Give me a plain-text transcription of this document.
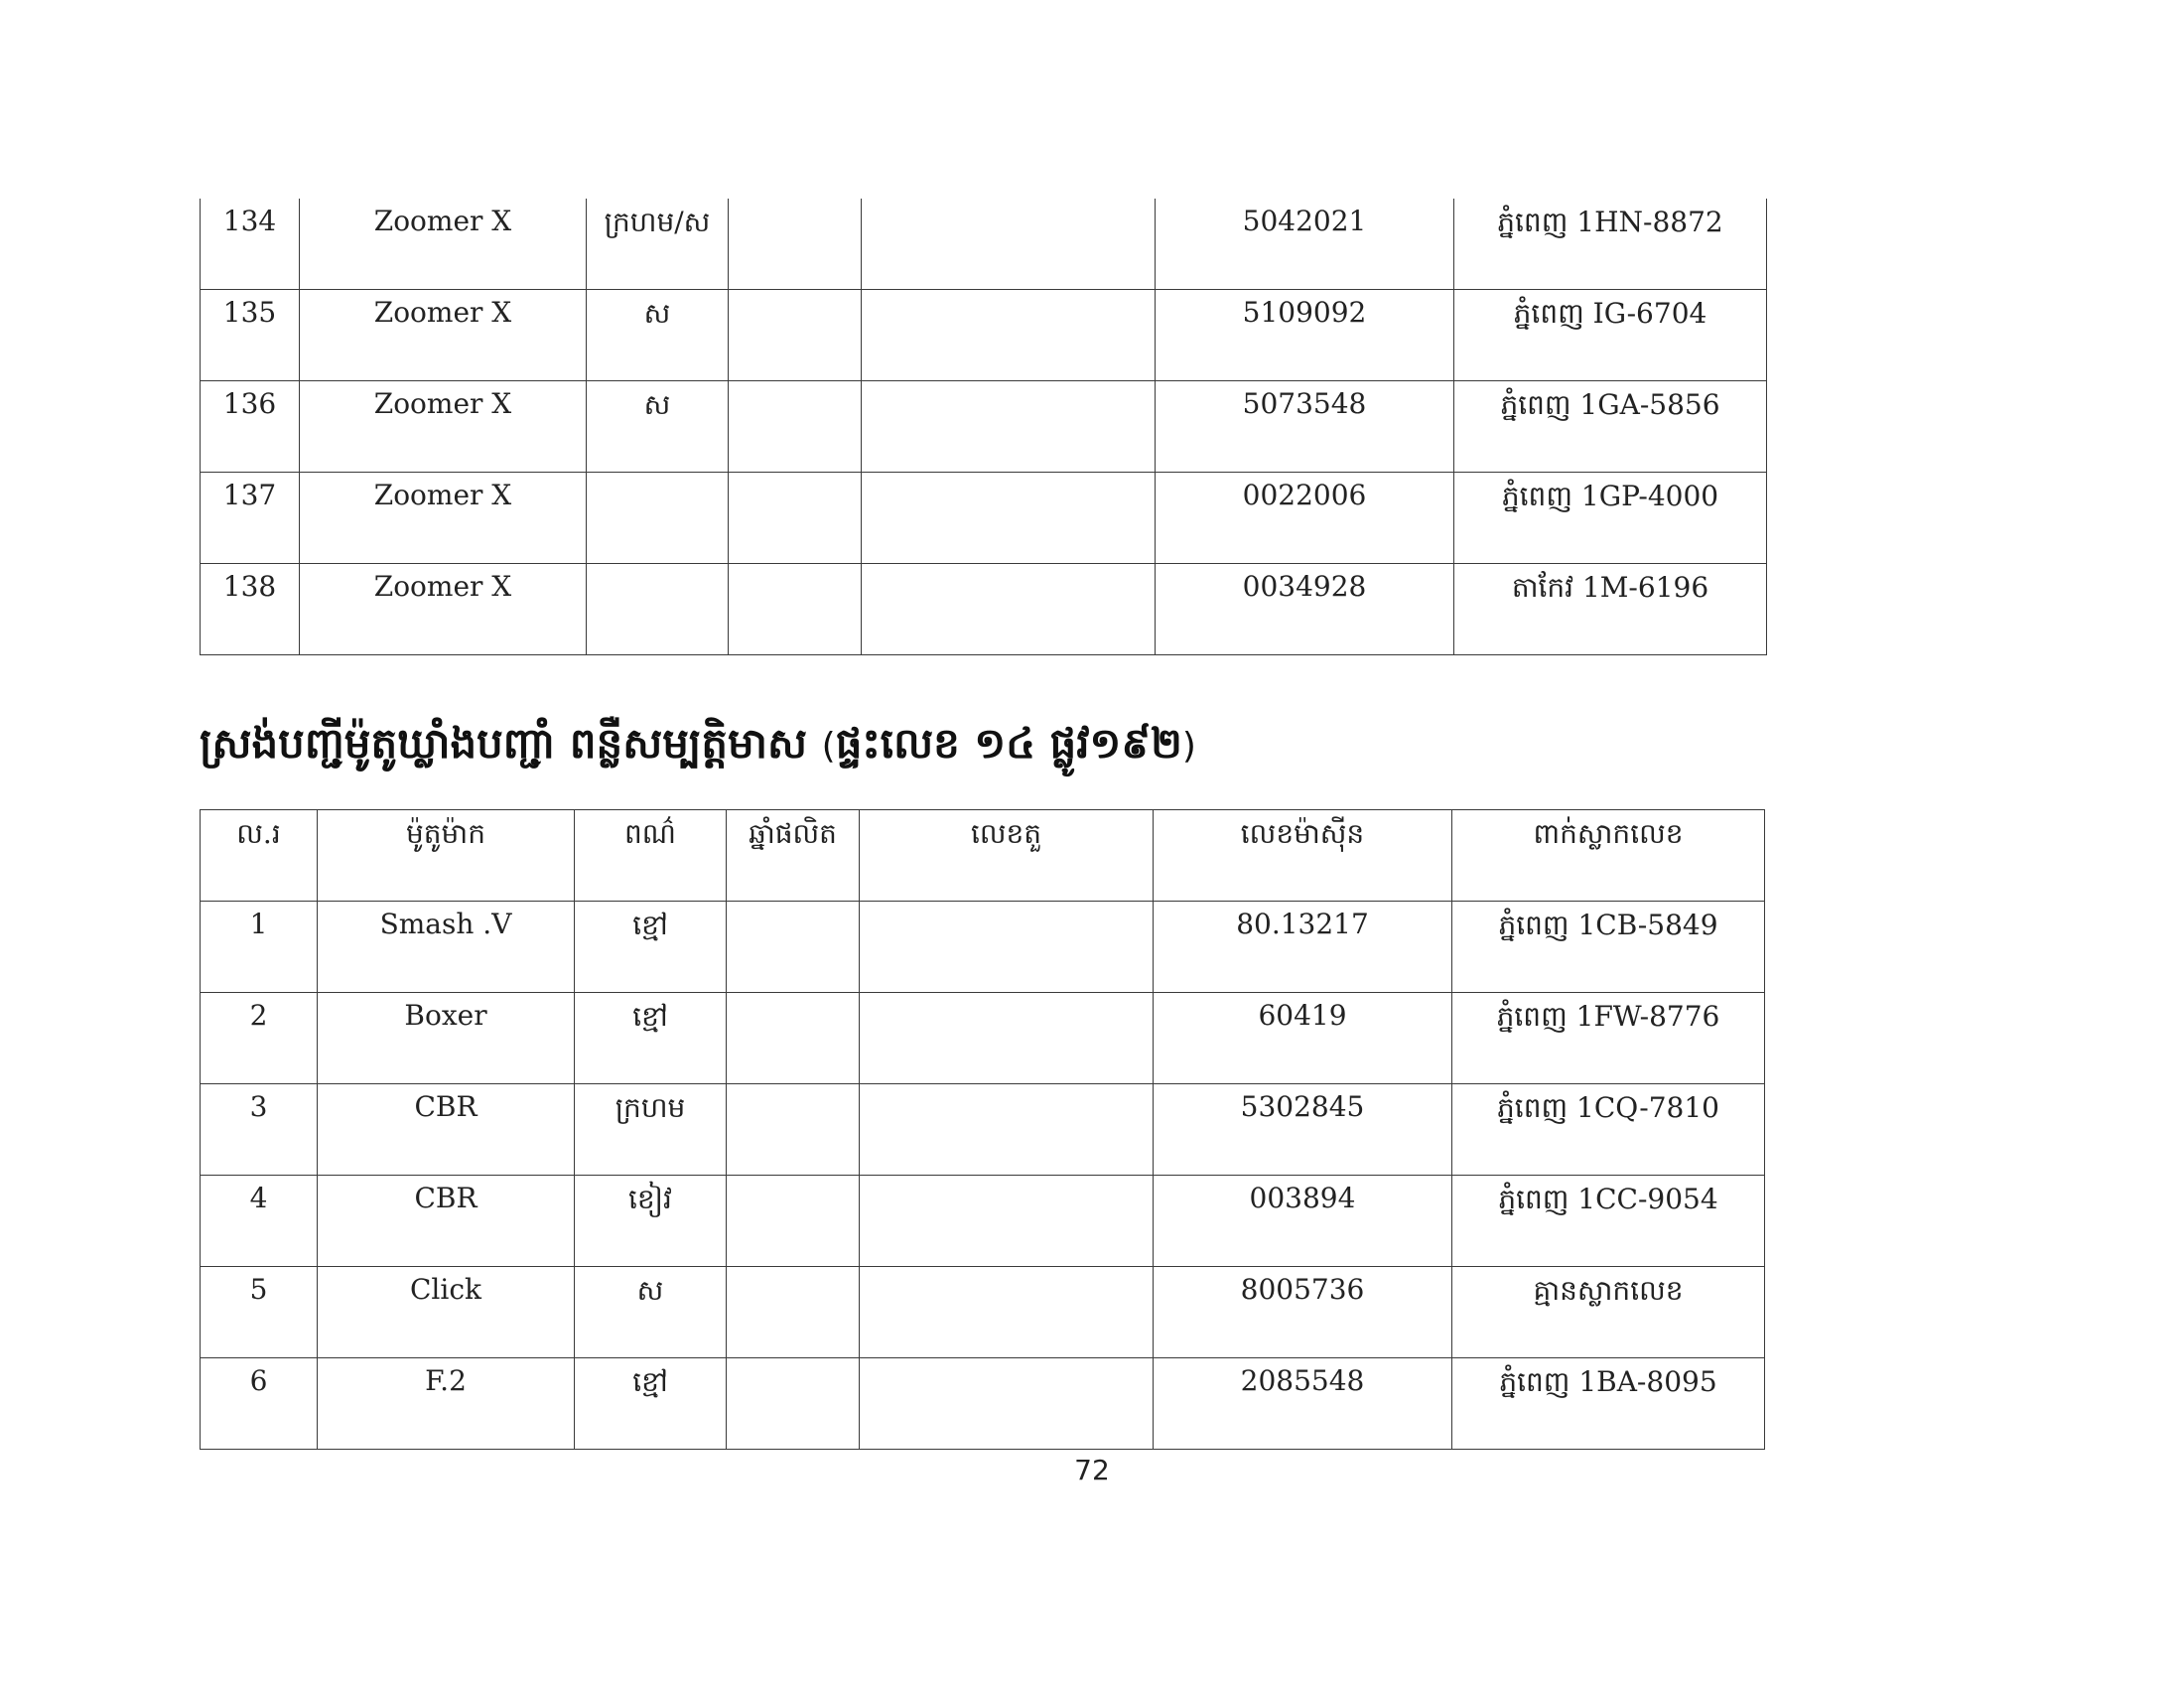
134	Zoomer X	ក្រហម/ស			5042021	ភ្នំពេញ 1HN-8872
135	Zoomer X	ស			5109092	ភ្នំពេញ IG-6704
136	Zoomer X	ស			5073548	ភ្នំពេញ 1GA-5856
137	Zoomer X				0022006	ភ្នំពេញ 1GP-4000
138	Zoomer X				0034928	តាកែវ 1M-6196
ស្រង់បញ្ជីម៉ូតូឃ្លាំងបញ្ជាំ ពន្លឺសម្បត្តិមាស (ផ្ទះលេខ ១៤ ផ្លូវ១៩២)
ល.រ	ម៉ូតូម៉ាក	ពណ៌	ឆ្នាំផលិត	លេខតួ	លេខម៉ាស៊ីន	ពាក់ស្លាកលេខ
1	Smash .V	ខ្មៅ			80.13217	ភ្នំពេញ 1CB-5849
2	Boxer	ខ្មៅ			60419	ភ្នំពេញ 1FW-8776
3	CBR	ក្រហម			5302845	ភ្នំពេញ 1CQ-7810
4	CBR	ខៀវ			003894	ភ្នំពេញ 1CC-9054
5	Click	ស			8005736	គ្មានស្លាកលេខ
6	F.2	ខ្មៅ			2085548	ភ្នំពេញ 1BA-8095
72
